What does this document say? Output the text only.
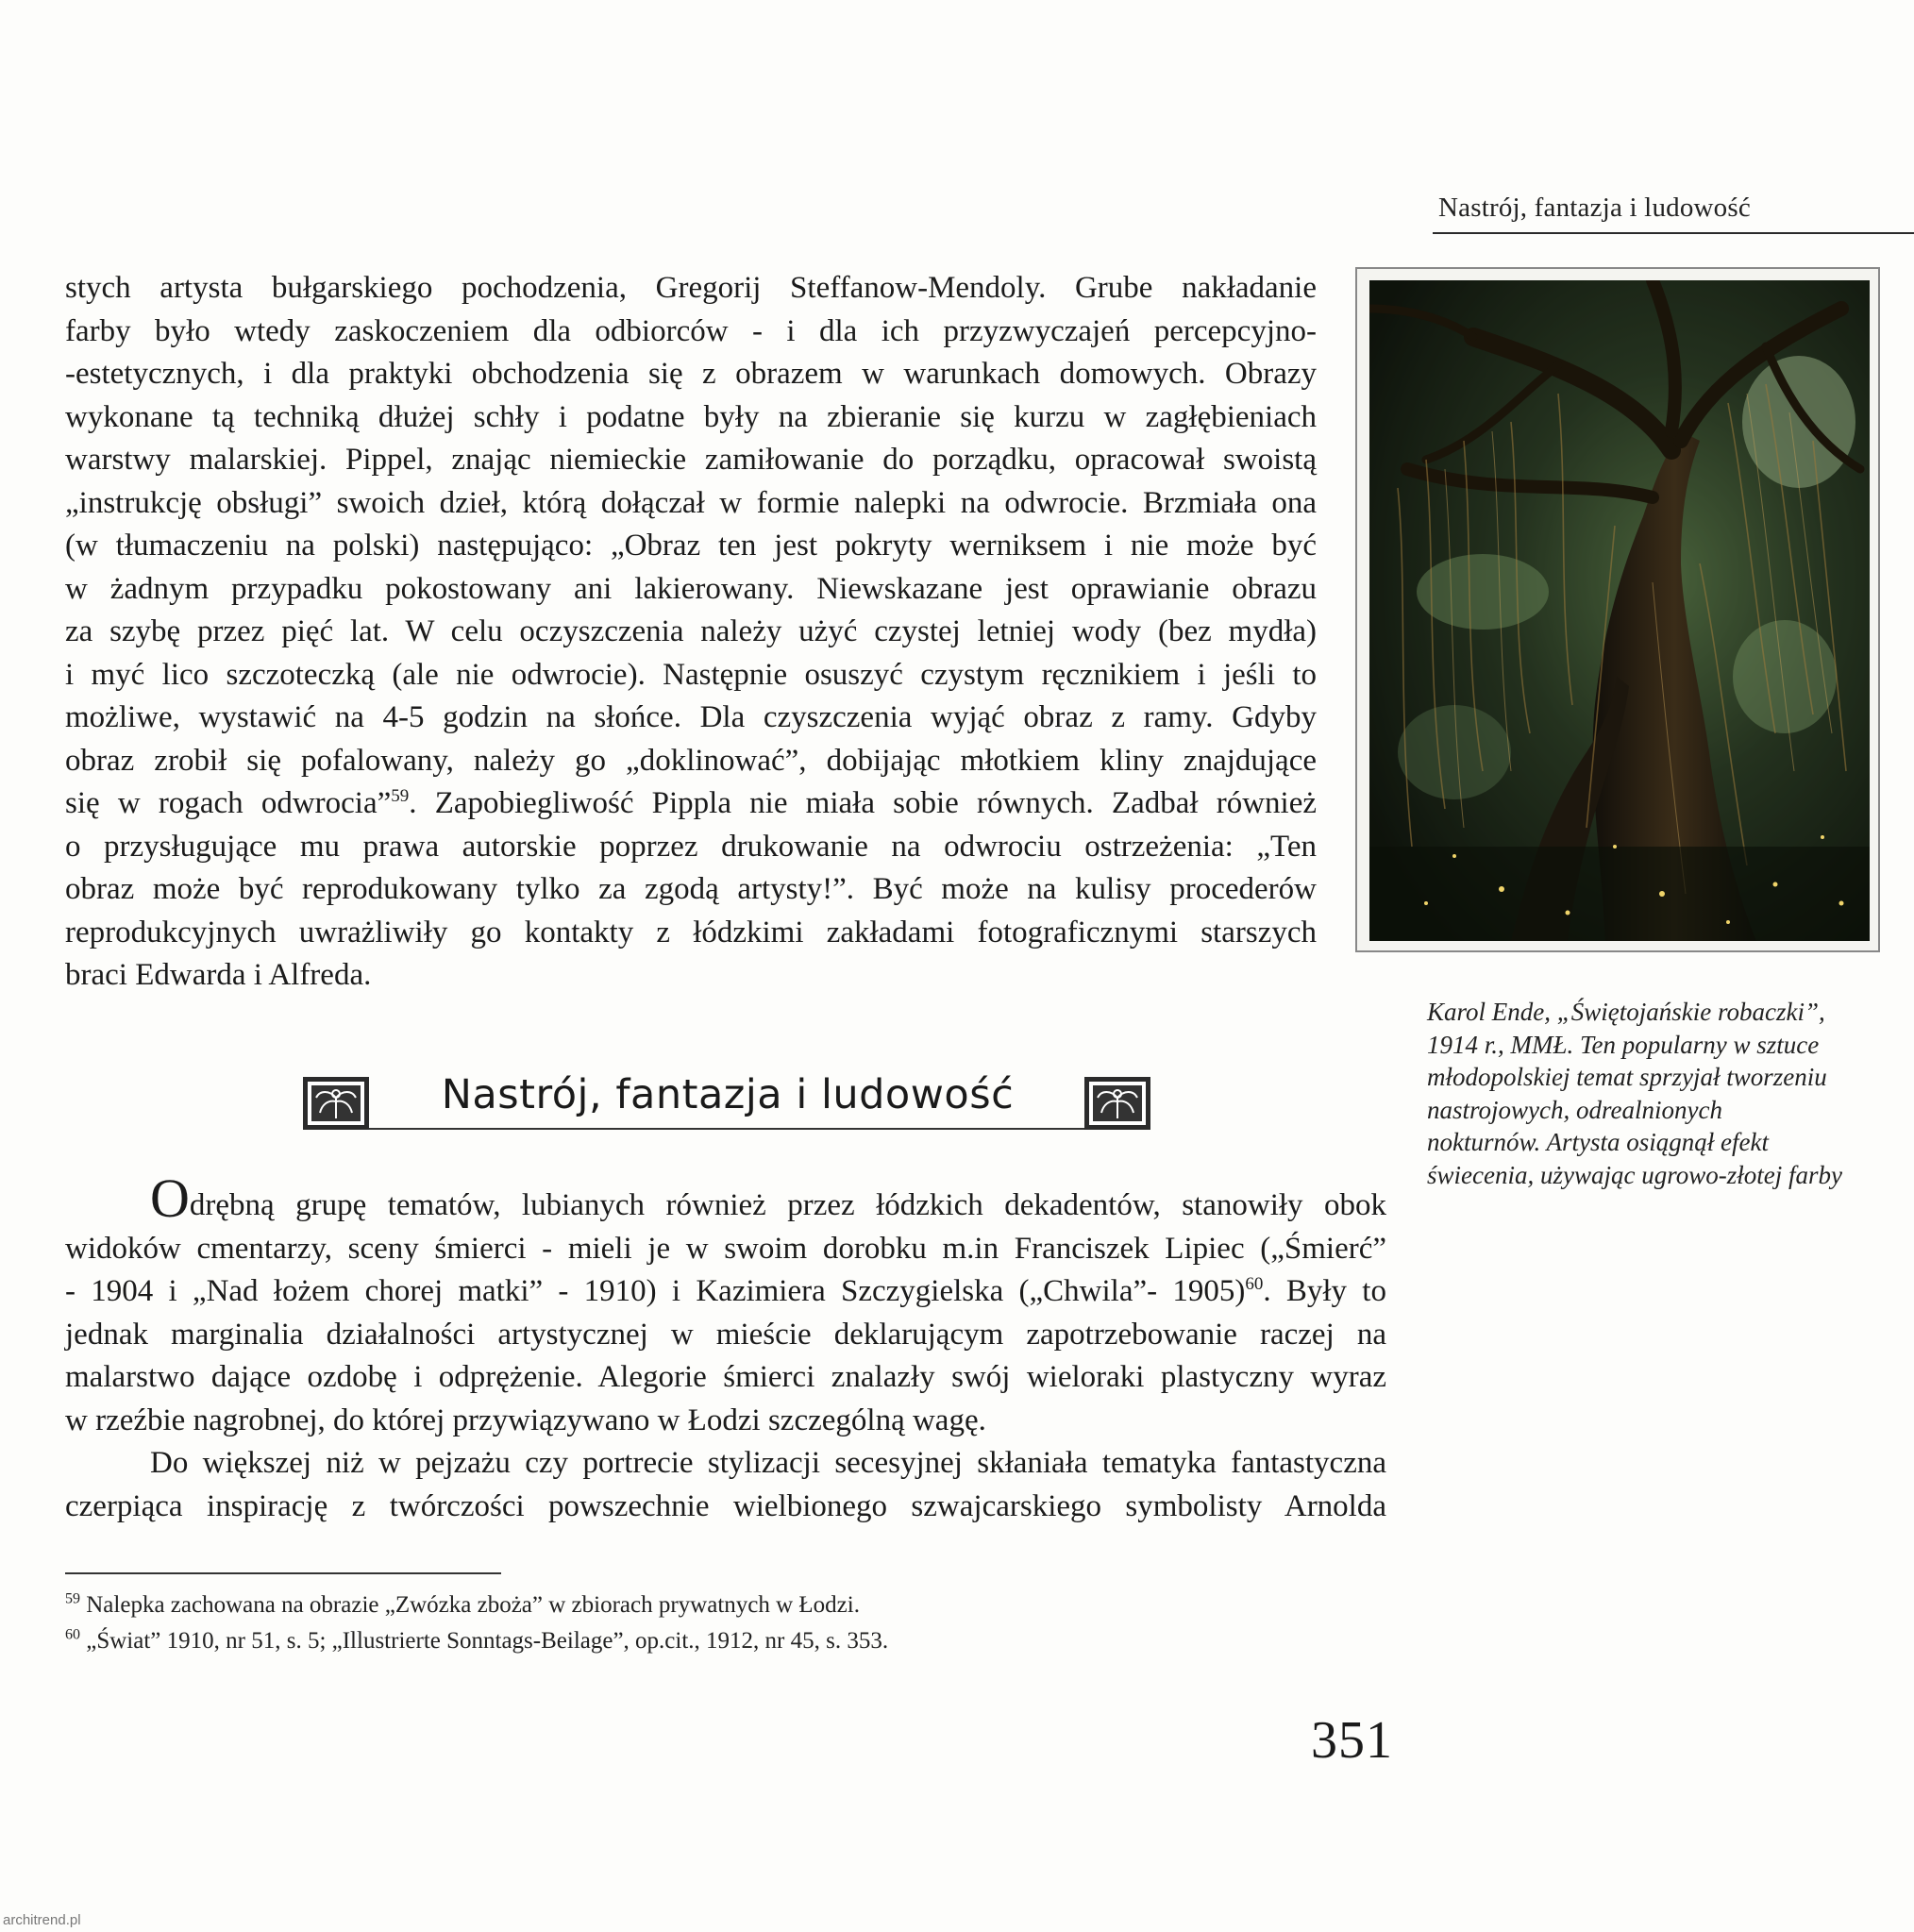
Nastrój, fantazja i ludowość
stych artysta bułgarskiego pochodzenia, Gregorij Steffanow-Mendoly. Grube nakładanie
farby było wtedy zaskoczeniem dla odbiorców - i dla ich przyzwyczajeń percepcyjno-
-estetycznych, i dla praktyki obchodzenia się z obrazem w warunkach domowych. Obrazy
wykonane tą techniką dłużej schły i podatne były na zbieranie się kurzu w zagłębieniach
warstwy malarskiej. Pippel, znając niemieckie zamiłowanie do porządku, opracował swoistą
„instrukcję obsługi” swoich dzieł, którą dołączał w formie nalepki na odwrocie. Brzmiała ona
(w tłumaczeniu na polski) następująco: „Obraz ten jest pokryty werniksem i nie może być
w żadnym przypadku pokostowany ani lakierowany. Niewskazane jest oprawianie obrazu
za szybę przez pięć lat. W celu oczyszczenia należy użyć czystej letniej wody (bez mydła)
i myć lico szczoteczką (ale nie odwrocie). Następnie osuszyć czystym ręcznikiem i jeśli to
możliwe, wystawić na 4-5 godzin na słońce. Dla czyszczenia wyjąć obraz z ramy. Gdyby
obraz zrobił się pofalowany, należy go „doklinować”, dobijając młotkiem kliny znajdujące
się w rogach odwrocia”$^{59}$. Zapobiegliwość Pippla nie miała sobie równych. Zadbał również
o przysługujące mu prawa autorskie poprzez drukowanie na odwrociu ostrzeżenia: „Ten
obraz może być reprodukowany tylko za zgodą artysty!”. Być może na kulisy procederów
reprodukcyjnych uwrażliwiły go kontakty z łódzkimi zakładami fotograficznymi starszych
braci Edwarda i Alfreda.
Karol Ende, „Świętojańskie robaczki”,
1914 r., MMŁ. Ten popularny w sztuce
młodopolskiej temat sprzyjał tworzeniu
nastrojowych, odrealnionych
nokturnów. Artysta osiągnął efekt
świecenia, używając ugrowo-złotej farby
Nastrój, fantazja i ludowość
Odrębną grupę tematów, lubianych również przez łódzkich dekadentów, stanowiły obok
widoków cmentarzy, sceny śmierci - mieli je w swoim dorobku m.in Franciszek Lipiec („Śmierć”
- 1904 i „Nad łożem chorej matki” - 1910) i Kazimiera Szczygielska („Chwila”- 1905)$^{60}$. Były to
jednak marginalia działalności artystycznej w mieście deklarującym zapotrzebowanie raczej na
malarstwo dające ozdobę i odprężenie. Alegorie śmierci znalazły swój wieloraki plastyczny wyraz
w rzeźbie nagrobnej, do której przywiązywano w Łodzi szczególną wagę.
Do większej niż w pejzażu czy portrecie stylizacji secesyjnej skłaniała tematyka fantastyczna
czerpiąca inspirację z twórczości powszechnie wielbionego szwajcarskiego symbolisty Arnolda
$^{59}$ Nalepka zachowana na obrazie „Zwózka zboża” w zbiorach prywatnych w Łodzi.
$^{60}$ „Świat” 1910, nr 51, s. 5; „Illustrierte Sonntags-Beilage”, op.cit., 1912, nr 45, s. 353.
351
architrend.pl
